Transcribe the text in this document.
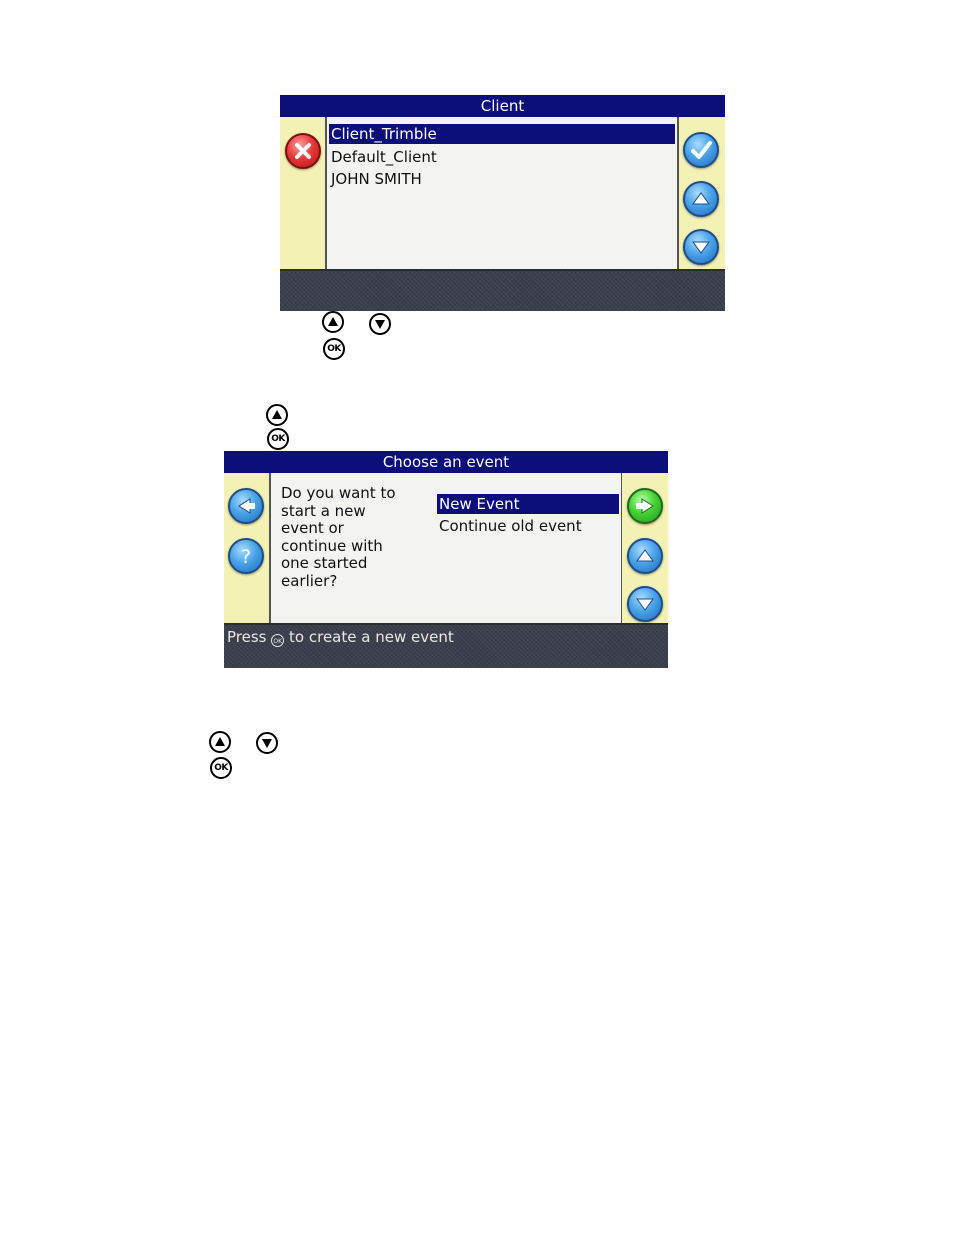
Client
Client_Trimble
Default_Client
JOHN SMITH
OK
OK
Choose an event
?
Do you want to
start a new
event or
continue with
one started
earlier?
New Event
Continue old event
Press OK to create a new event
OK
